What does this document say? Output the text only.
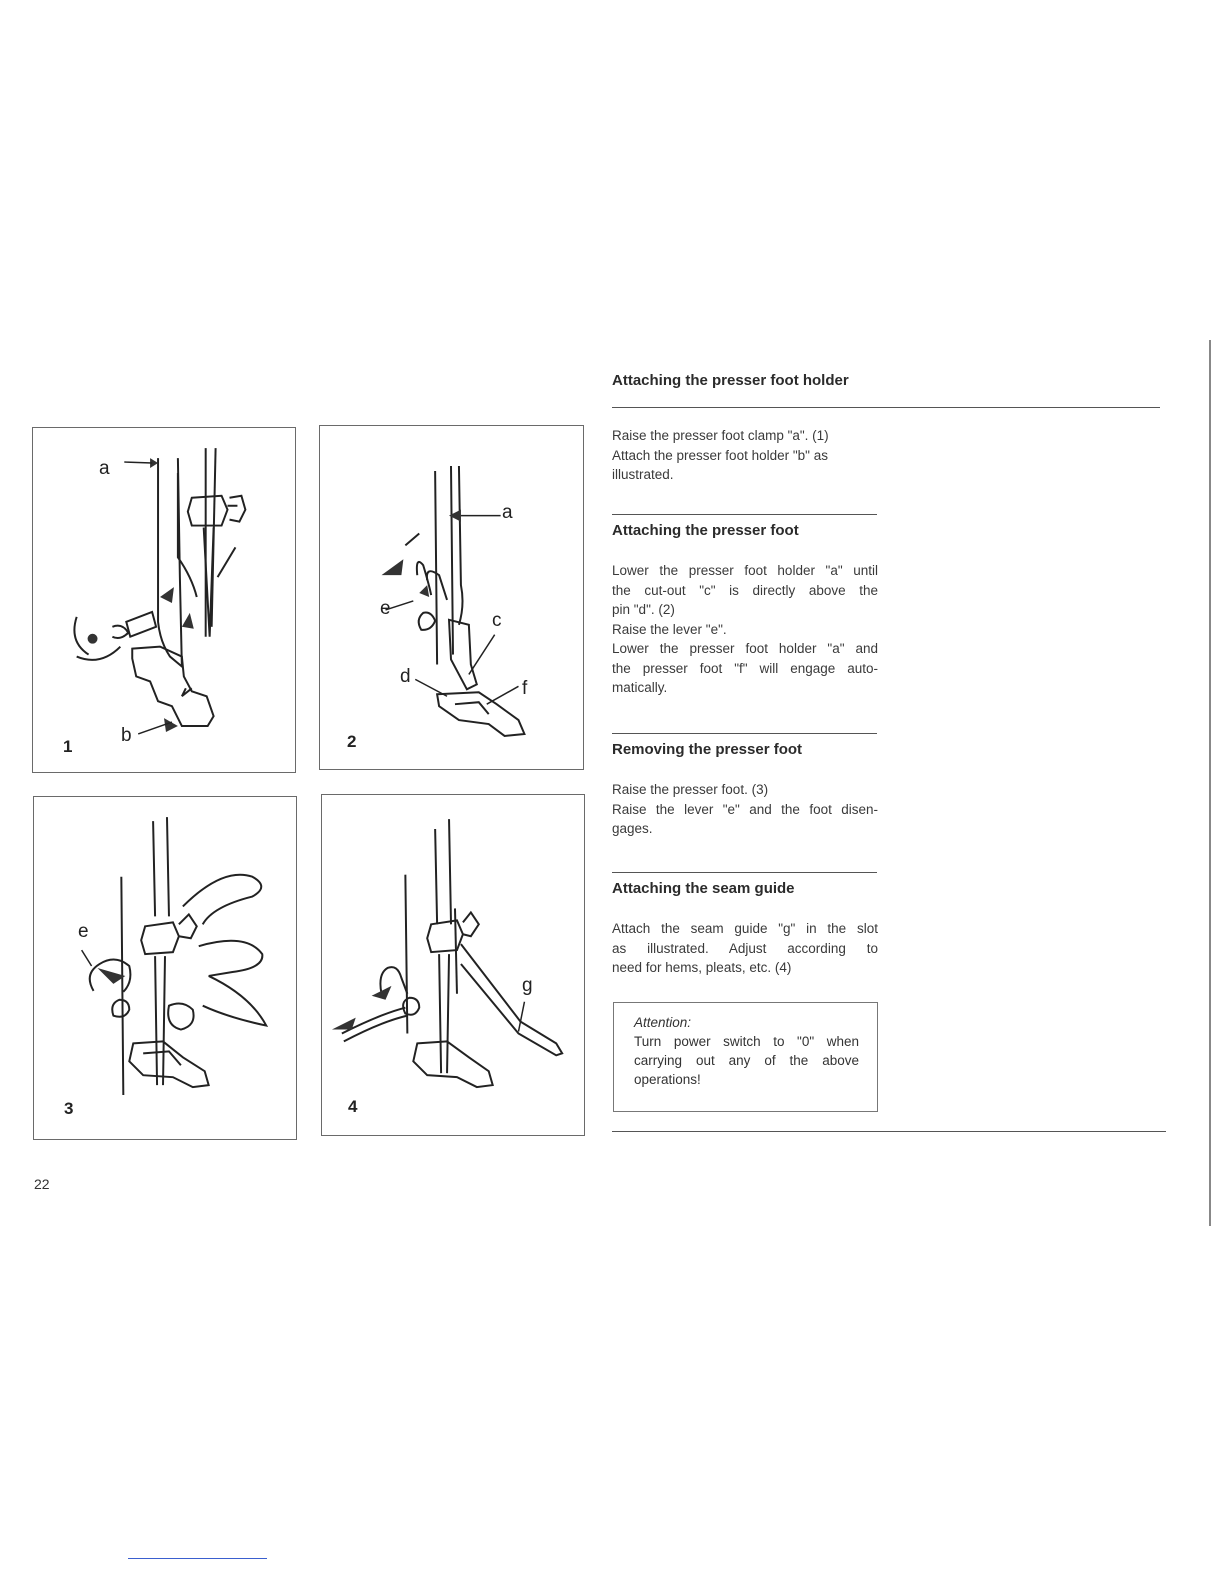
a
b
1
a
e
c
d
f
2
e
3
g
4
Attaching the presser foot holder

Raise the presser foot clamp "a". (1)
Attach the presser foot holder "b" as
illustrated.

Attaching the presser foot

Lower the presser foot holder "a" until
the cut-out "c" is directly above the
pin "d". (2)
Raise the lever "e".
Lower the presser foot holder "a" and
the presser foot "f" will engage auto-
matically.

Removing the presser foot

Raise the presser foot. (3)
Raise the lever "e" and the foot disen-
gages.

Attaching the seam guide

Attach the seam guide "g" in the slot
as illustrated. Adjust according to
need for hems, pleats, etc. (4)

Attention:
Turn power switch to "0" when
carrying out any of the above
operations!
22
